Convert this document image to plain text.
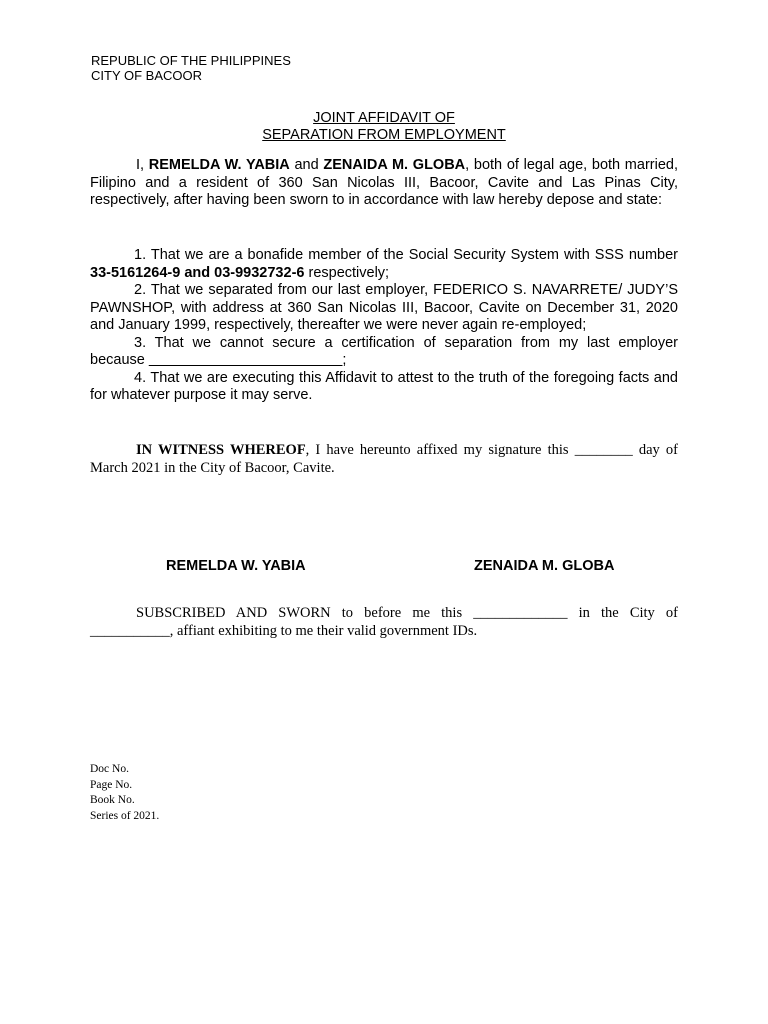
REPUBLIC OF THE PHILIPPINES
CITY OF BACOOR
JOINT AFFIDAVIT OF
SEPARATION FROM EMPLOYMENT
I, REMELDA W. YABIA and ZENAIDA M. GLOBA, both of legal age, both married, Filipino and a resident of 360 San Nicolas III, Bacoor, Cavite and Las Pinas City, respectively, after having been sworn to in accordance with law hereby depose and state:
1. That we are a bonafide member of the Social Security System with SSS number 33-5161264-9 and 03-9932732-6 respectively;
2. That we separated from our last employer, FEDERICO S. NAVARRETE/ JUDY’S PAWNSHOP, with address at 360 San Nicolas III, Bacoor, Cavite on December 31, 2020 and January 1999, respectively, thereafter we were never again re-employed;
3. That we cannot secure a certification of separation from my last employer because ________________________;
4. That we are executing this Affidavit to attest to the truth of the foregoing facts and for whatever purpose it may serve.
IN WITNESS WHEREOF, I have hereunto affixed my signature this ________ day of March 2021 in the City of Bacoor, Cavite.
REMELDA W. YABIA	ZENAIDA M. GLOBA
SUBSCRIBED AND SWORN to before me this _____________ in the City of ___________, affiant exhibiting to me their valid government IDs.
Doc No.
Page No.
Book No.
Series of 2021.
